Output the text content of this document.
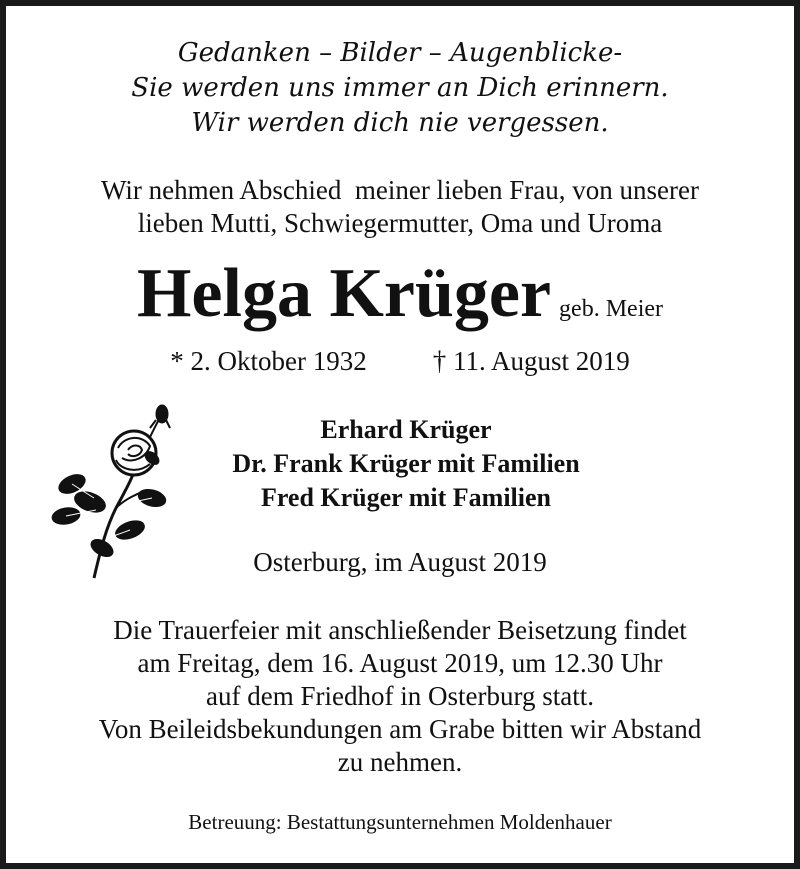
Gedanken – Bilder – Augenblicke-
Sie werden uns immer an Dich erinnern.
Wir werden dich nie vergessen.
Wir nehmen Abschied  meiner lieben Frau, von unserer
lieben Mutti, Schwiegermutter, Oma und Uroma
Helga Krüger geb. Meier
* 2. Oktober 1932 † 11. August 2019
Erhard Krüger
Dr. Frank Krüger mit Familien
Fred Krüger mit Familien
Osterburg, im August 2019
Die Trauerfeier mit anschließender Beisetzung findet
am Freitag, dem 16. August 2019, um 12.30 Uhr
auf dem Friedhof in Osterburg statt.
Von Beileidsbekundungen am Grabe bitten wir Abstand
zu nehmen.
Betreuung: Bestattungsunternehmen Moldenhauer
